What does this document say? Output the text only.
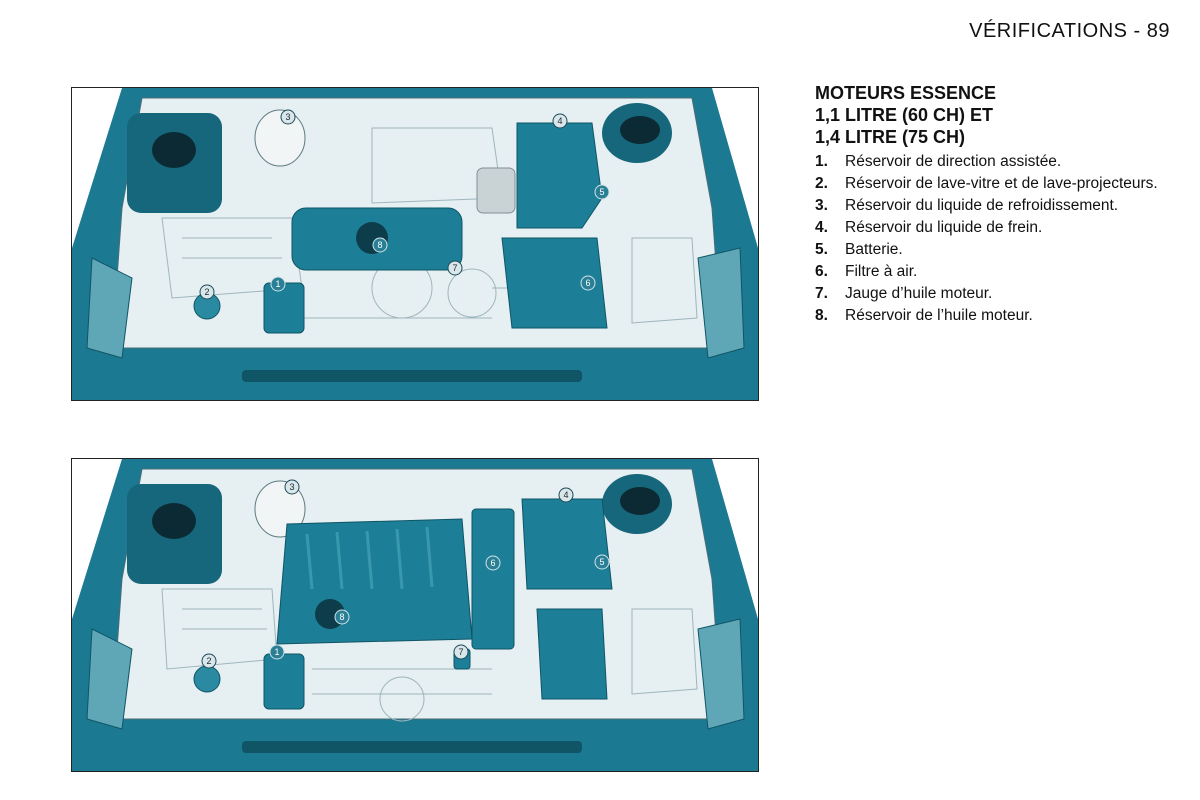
VÉRIFICATIONS - 89
3	4
5
8
7
1
2
6
3
4
6	5
8
7
1
2
MOTEURS ESSENCE
1,1 LITRE (60 CH) ET
1,4 LITRE (75 CH)
1.	Réservoir de direction assistée.
2.	Réservoir de lave-vitre et de lave-projecteurs.
3.	Réservoir du liquide de refroidissement.
4.	Réservoir du liquide de frein.
5.	Batterie.
6.	Filtre à air.
7.	Jauge d’huile moteur.
8.	Réservoir de l’huile moteur.
